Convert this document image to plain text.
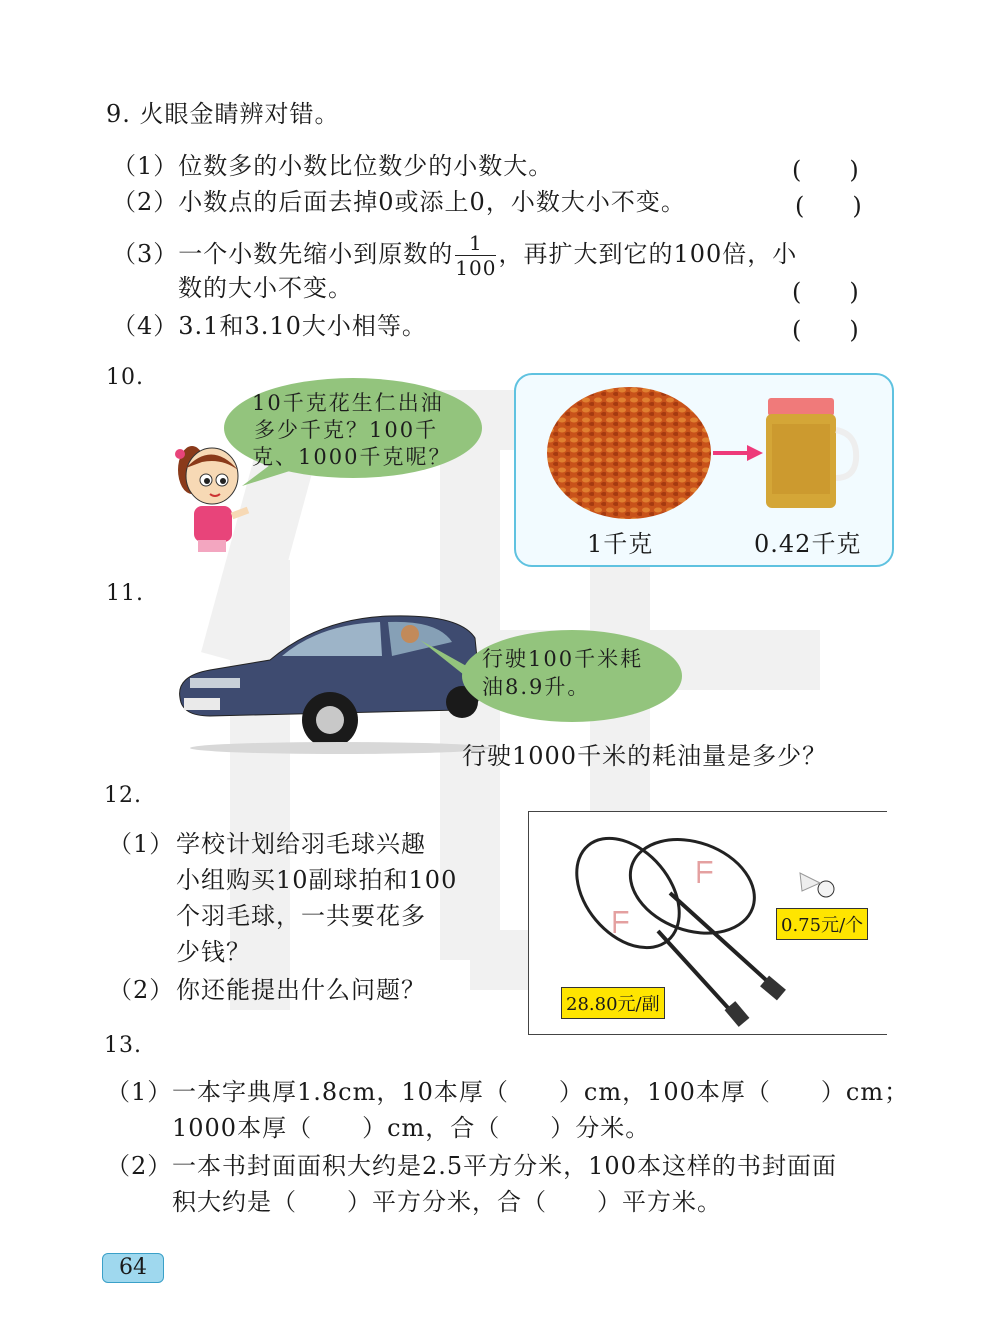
9. 火眼金睛辨对错。
（1）位数多的小数比位数少的小数大。	(　　)
（2）小数点的后面去掉0或添上0，小数大小不变。	(　　)
（3）一个小数先缩小到原数的 $\frac{1}{100}$ ，再扩大到它的100倍，小
数的大小不变。	(　　)
（4）3.1和3.10大小相等。	(　　)
10.
10千克花生仁出油
多少千克？100千
克、1000千克呢？
1千克	0.42千克
11.
行驶100千米耗
油8.9升。
行驶1000千米的耗油量是多少？
12.
（1） 学校计划给羽毛球兴趣
小组购买10副球拍和100
个羽毛球，一共要花多
少钱？
（2） 你还能提出什么问题？
ᖴ
ᖴ
0.75元/个
28.80元/副
13.
（1） 一本字典厚1.8cm，10本厚（　　）cm，100本厚（　　）cm；
1000本厚（　　）cm，合（　　）分米。
（2） 一本书封面面积大约是2.5平方分米，100本这样的书封面面
积大约是（　　）平方分米，合（　　）平方米。
64
